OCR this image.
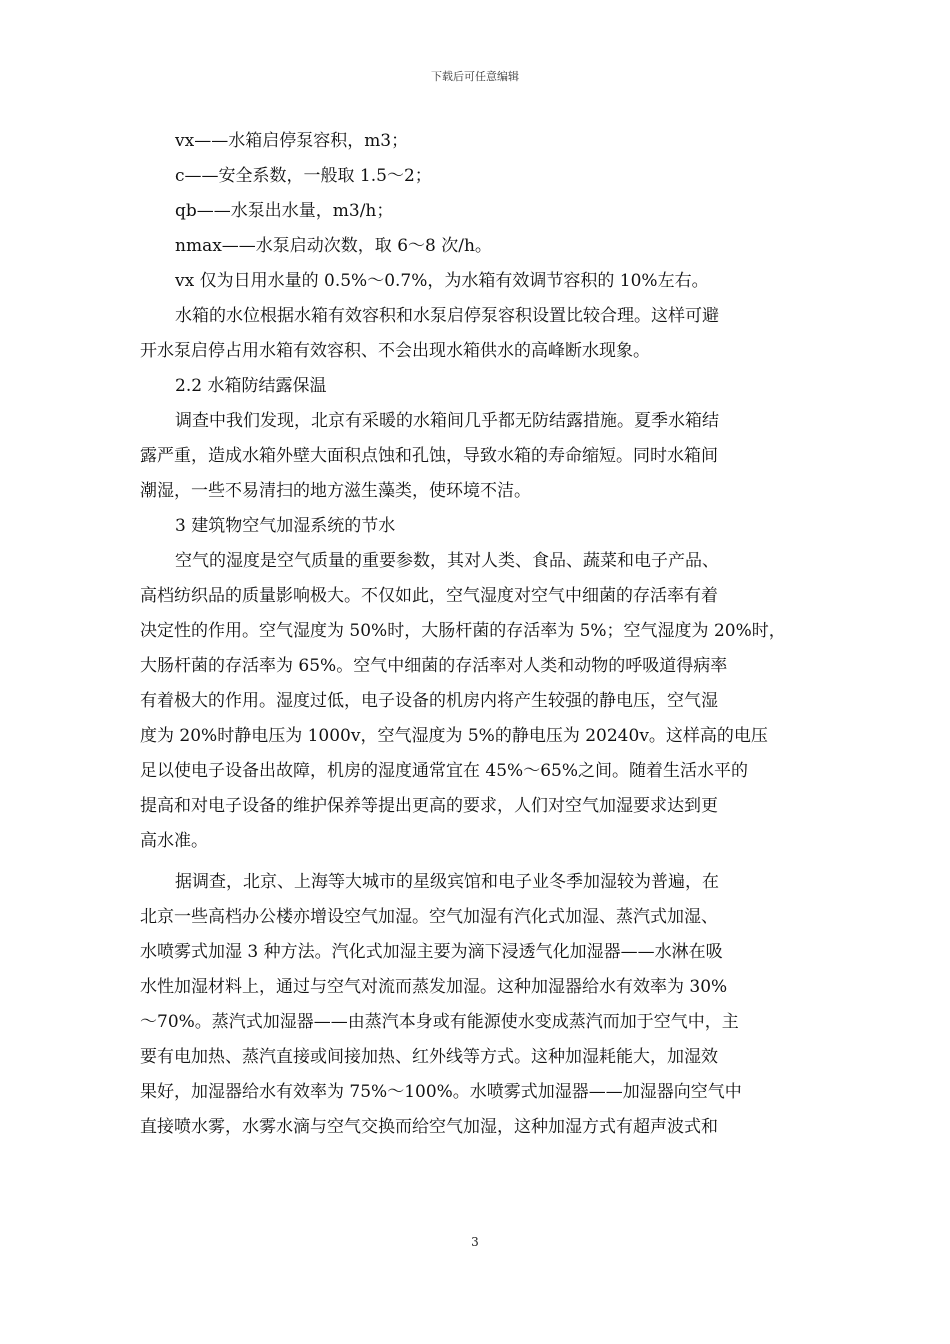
下载后可任意编辑
vx——水箱启停泵容积，m3；
c——安全系数，一般取 1.5～2；
qb——水泵出水量，m3/h；
nmax——水泵启动次数，取 6～8 次/h。
vx 仅为日用水量的 0.5%～0.7%，为水箱有效调节容积的 10%左右。
水箱的水位根据水箱有效容积和水泵启停泵容积设置比较合理。这样可避
开水泵启停占用水箱有效容积、不会出现水箱供水的高峰断水现象。
2.2 水箱防结露保温
调查中我们发现，北京有采暖的水箱间几乎都无防结露措施。夏季水箱结
露严重，造成水箱外壁大面积点蚀和孔蚀，导致水箱的寿命缩短。同时水箱间
潮湿，一些不易清扫的地方滋生藻类，使环境不洁。
3 建筑物空气加湿系统的节水
空气的湿度是空气质量的重要参数，其对人类、食品、蔬菜和电子产品、
高档纺织品的质量影响极大。不仅如此，空气湿度对空气中细菌的存活率有着
决定性的作用。空气湿度为 50%时，大肠杆菌的存活率为 5%；空气湿度为 20%时，
大肠杆菌的存活率为 65%。空气中细菌的存活率对人类和动物的呼吸道得病率
有着极大的作用。湿度过低，电子设备的机房内将产生较强的静电压，空气湿
度为 20%时静电压为 1000v，空气湿度为 5%的静电压为 20240v。这样高的电压
足以使电子设备出故障，机房的湿度通常宜在 45%～65%之间。随着生活水平的
提高和对电子设备的维护保养等提出更高的要求，人们对空气加湿要求达到更
高水准。
据调查，北京、上海等大城市的星级宾馆和电子业冬季加湿较为普遍，在
北京一些高档办公楼亦增设空气加湿。空气加湿有汽化式加湿、蒸汽式加湿、
水喷雾式加湿 3 种方法。汽化式加湿主要为滴下浸透气化加湿器——水淋在吸
水性加湿材料上，通过与空气对流而蒸发加湿。这种加湿器给水有效率为 30%
～70%。蒸汽式加湿器——由蒸汽本身或有能源使水变成蒸汽而加于空气中，主
要有电加热、蒸汽直接或间接加热、红外线等方式。这种加湿耗能大，加湿效
果好，加湿器给水有效率为 75%～100%。水喷雾式加湿器——加湿器向空气中
直接喷水雾，水雾水滴与空气交换而给空气加湿，这种加湿方式有超声波式和
3
